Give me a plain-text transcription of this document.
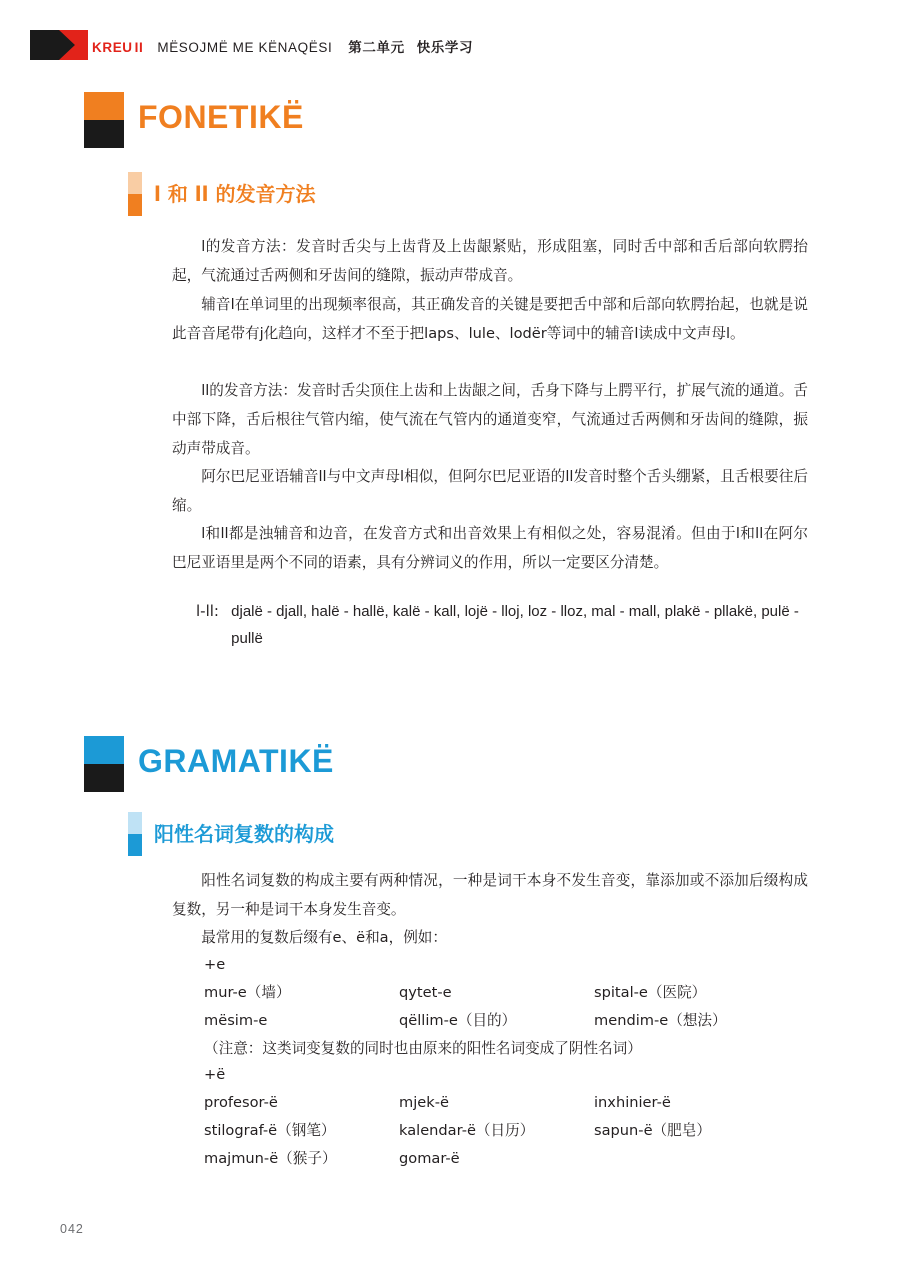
KREU II MËSOJMË ME KËNAQËSI 第二单元 快乐学习
FONETIKË
l 和 ll 的发音方法

l的发音方法：发音时舌尖与上齿背及上齿龈紧贴，形成阻塞，同时舌中部和舌后部向软腭抬起，气流通过舌两侧和牙齿间的缝隙，振动声带成音。

辅音l在单词里的出现频率很高，其正确发音的关键是要把舌中部和后部向软腭抬起，也就是说此音音尾带有j化趋向，这样才不至于把laps、lule、lodër等词中的辅音l读成中文声母l。

ll的发音方法：发音时舌尖顶住上齿和上齿龈之间，舌身下降与上腭平行，扩展气流的通道。舌中部下降，舌后根往气管内缩，使气流在气管内的通道变窄，气流通过舌两侧和牙齿间的缝隙，振动声带成音。

阿尔巴尼亚语辅音ll与中文声母l相似，但阿尔巴尼亚语的ll发音时整个舌头绷紧，且舌根要往后缩。

l和ll都是浊辅音和边音，在发音方式和出音效果上有相似之处，容易混淆。但由于l和ll在阿尔巴尼亚语里是两个不同的语素，具有分辨词义的作用，所以一定要区分清楚。

l-ll: djalë - djall, halë - hallë, kalë - kall, lojë - lloj, loz - lloz, mal - mall, plakë - pllakë, pulë - pullë
GRAMATIKË
阳性名词复数的构成

阳性名词复数的构成主要有两种情况，一种是词干本身不发生音变，靠添加或不添加后缀构成复数，另一种是词干本身发生音变。

最常用的复数后缀有e、ë和a，例如：

+e
mur-e（墙）	qytet-e	spital-e（医院）
mësim-e	qëllim-e（目的）	mendim-e（想法）
（注意：这类词变复数的同时也由原来的阳性名词变成了阴性名词）
+ë
profesor-ë	mjek-ë	inxhinier-ë
stilograf-ë（钢笔）	kalendar-ë（日历）	sapun-ë（肥皂）
majmun-ë（猴子）	gomar-ë
042
